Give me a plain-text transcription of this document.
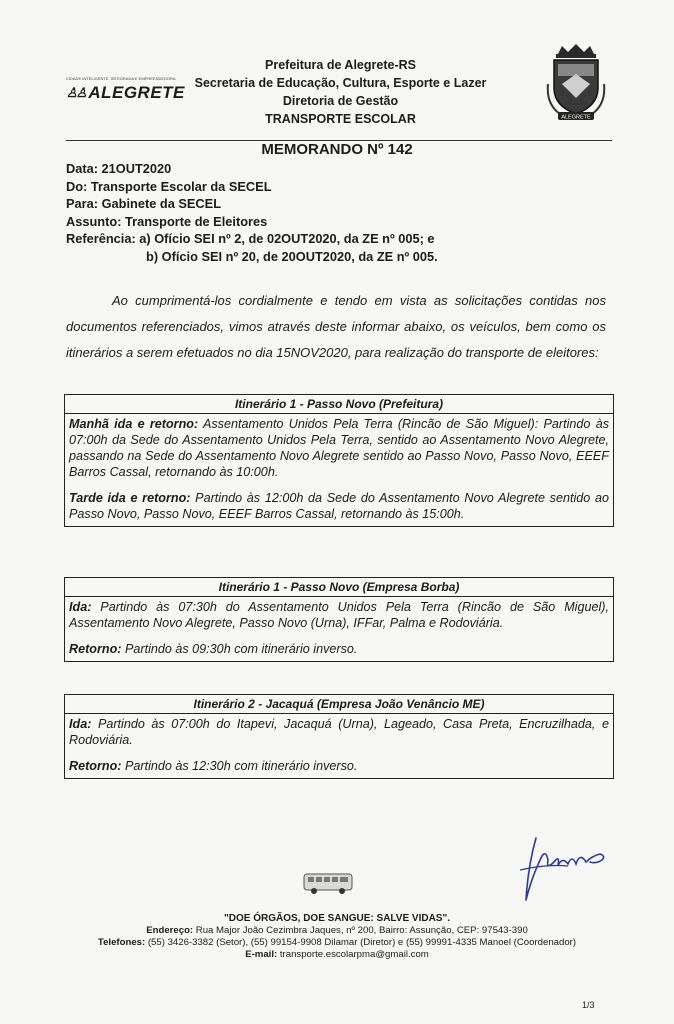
CIDADE INTELIGENTE, INTEGRADA E EMPREENDEDORA
♙♙ ALEGRETE
Prefeitura de Alegrete-RS
Secretaria de Educação, Cultura, Esporte e Lazer
Diretoria de Gestão
TRANSPORTE ESCOLAR	ALEGRETE
MEMORANDO Nº 142
Data: 21OUT2020
Do: Transporte Escolar da SECEL
Para: Gabinete da SECEL
Assunto: Transporte de Eleitores
Referência: a) Ofício SEI nº 2, de 02OUT2020, da ZE nº 005; e
b) Ofício SEI nº 20, de 20OUT2020, da ZE nº 005.
Ao cumprimentá-los cordialmente e tendo em vista as solicitações contidas nos documentos referenciados, vimos através deste informar abaixo, os veículos, bem como os itinerários a serem efetuados no dia 15NOV2020, para realização do transporte de eleitores:
Itinerário 1 - Passo Novo (Prefeitura)

Manhã ida e retorno: Assentamento Unidos Pela Terra (Rincão de São Miguel): Partindo às 07:00h da Sede do Assentamento Unidos Pela Terra, sentido ao Assentamento Novo Alegrete, passando na Sede do Assentamento Novo Alegrete sentido ao Passo Novo, Passo Novo, EEEF Barros Cassal, retornando às 10:00h.

Tarde ida e retorno: Partindo às 12:00h da Sede do Assentamento Novo Alegrete sentido ao Passo Novo, Passo Novo, EEEF Barros Cassal, retornando às 15:00h.

Itinerário 1 - Passo Novo (Empresa Borba)

Ida: Partindo às 07:30h do Assentamento Unidos Pela Terra (Rincão de São Miguel), Assentamento Novo Alegrete, Passo Novo (Urna), IFFar, Palma e Rodoviária.

Retorno: Partindo às 09:30h com itinerário inverso.

Itinerário 2 - Jacaquá (Empresa João Venâncio ME)

Ida: Partindo às 07:00h do Itapevi, Jacaquá (Urna), Lageado, Casa Preta, Encruzilhada, e Rodoviária.

Retorno: Partindo às 12:30h com itinerário inverso.

"DOE ÓRGÃOS, DOE SANGUE: SALVE VIDAS".
Endereço: Rua Major João Cezimbra Jaques, nº 200, Bairro: Assunção, CEP: 97543-390
Telefones: (55) 3426-3382 (Setor), (55) 99154-9908 Dilamar (Diretor) e (55) 99991-4335 Manoel (Coordenador)
E-mail: transporte.escolarpma@gmail.com
1/3
